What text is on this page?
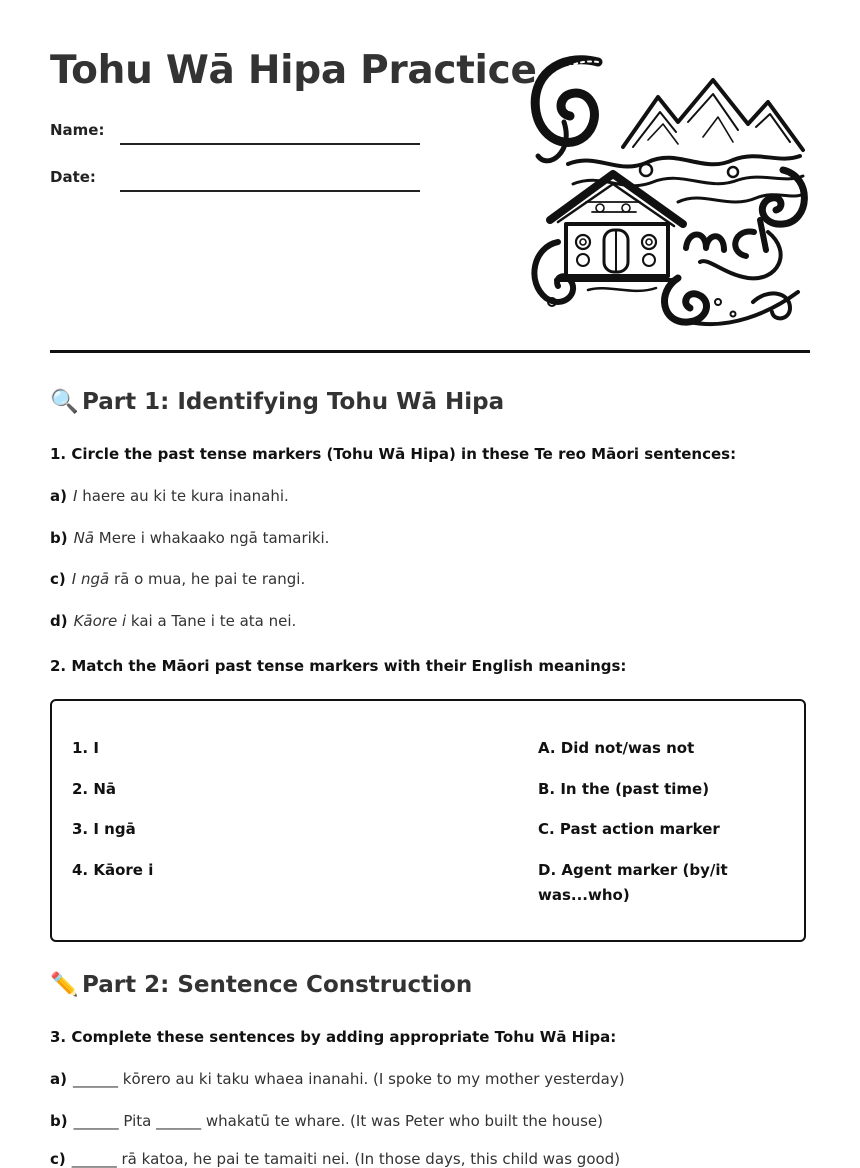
Tohu Wā Hipa Practice
Name:
Date:
🔍 Part 1: Identifying Tohu Wā Hipa
1. Circle the past tense markers (Tohu Wā Hipa) in these Te reo Māori sentences:
a) I haere au ki te kura inanahi.
b) Nā Mere i whakaako ngā tamariki.
c) I ngā rā o mua, he pai te rangi.
d) Kāore i kai a Tane i te ata nei.
2. Match the Māori past tense markers with their English meanings:
1. I
2. Nā
3. I ngā
4. Kāore i
A. Did not/was not
B. In the (past time)
C. Past action marker
D. Agent marker (by/it was...who)
✏️ Part 2: Sentence Construction
3. Complete these sentences by adding appropriate Tohu Wā Hipa:
a) ______ kōrero au ki taku whaea inanahi. (I spoke to my mother yesterday)
b) ______ Pita ______ whakatū te whare. (It was Peter who built the house)
c) ______ rā katoa, he pai te tamaiti nei. (In those days, this child was good)
